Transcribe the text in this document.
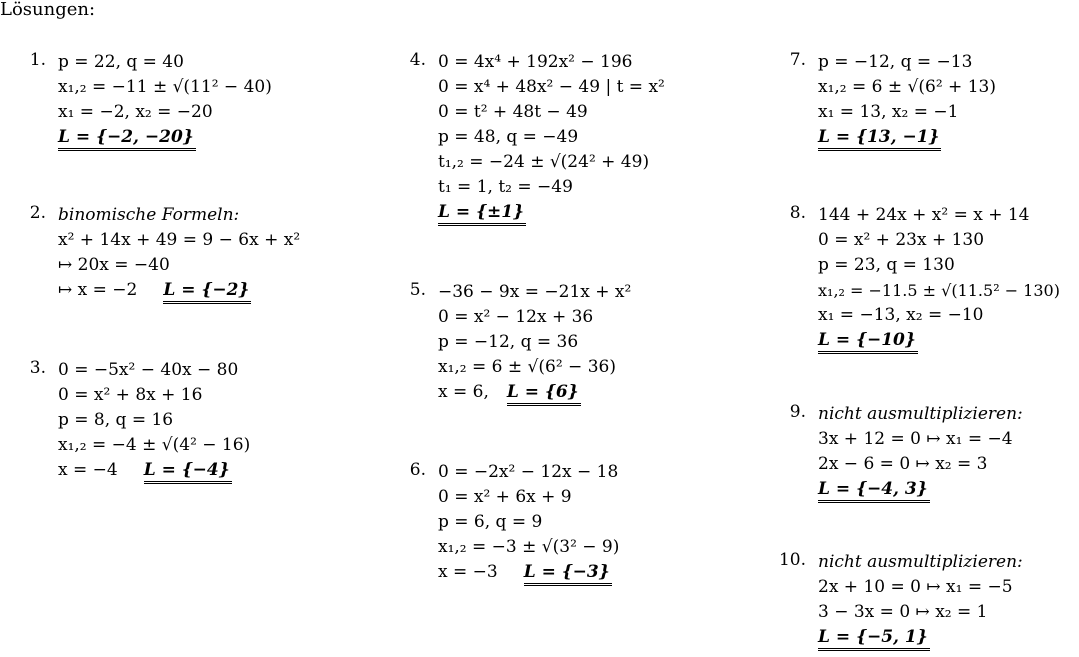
Lösungen:
1. p = 22, q = 40
x₁,₂ = −11 ± √(11² − 40)
x₁ = −2, x₂ = −20
L = {−2, −20}
2. binomische Formeln:
x² + 14x + 49 = 9 − 6x + x²
↦ 20x = −40
↦ x = −2 L = {−2}
3. 0 = −5x² − 40x − 80
0 = x² + 8x + 16
p = 8, q = 16
x₁,₂ = −4 ± √(4² − 16)
x = −4 L = {−4}
4. 0 = 4x⁴ + 192x² − 196
0 = x⁴ + 48x² − 49 | t = x²
0 = t² + 48t − 49
p = 48, q = −49
t₁,₂ = −24 ± √(24² + 49)
t₁ = 1, t₂ = −49
L = {±1}
5. −36 − 9x = −21x + x²
0 = x² − 12x + 36
p = −12, q = 36
x₁,₂ = 6 ± √(6² − 36)
x = 6, L = {6}
6. 0 = −2x² − 12x − 18
0 = x² + 6x + 9
p = 6, q = 9
x₁,₂ = −3 ± √(3² − 9)
x = −3 L = {−3}
7. p = −12, q = −13
x₁,₂ = 6 ± √(6² + 13)
x₁ = 13, x₂ = −1
L = {13, −1}
8. 144 + 24x + x² = x + 14
0 = x² + 23x + 130
p = 23, q = 130
x₁,₂ = −11.5 ± √(11.5² − 130)
x₁ = −13, x₂ = −10
L = {−10}
9. nicht ausmultiplizieren:
3x + 12 = 0 ↦ x₁ = −4
2x − 6 = 0 ↦ x₂ = 3
L = {−4, 3}
10. nicht ausmultiplizieren:
2x + 10 = 0 ↦ x₁ = −5
3 − 3x = 0 ↦ x₂ = 1
L = {−5, 1}
